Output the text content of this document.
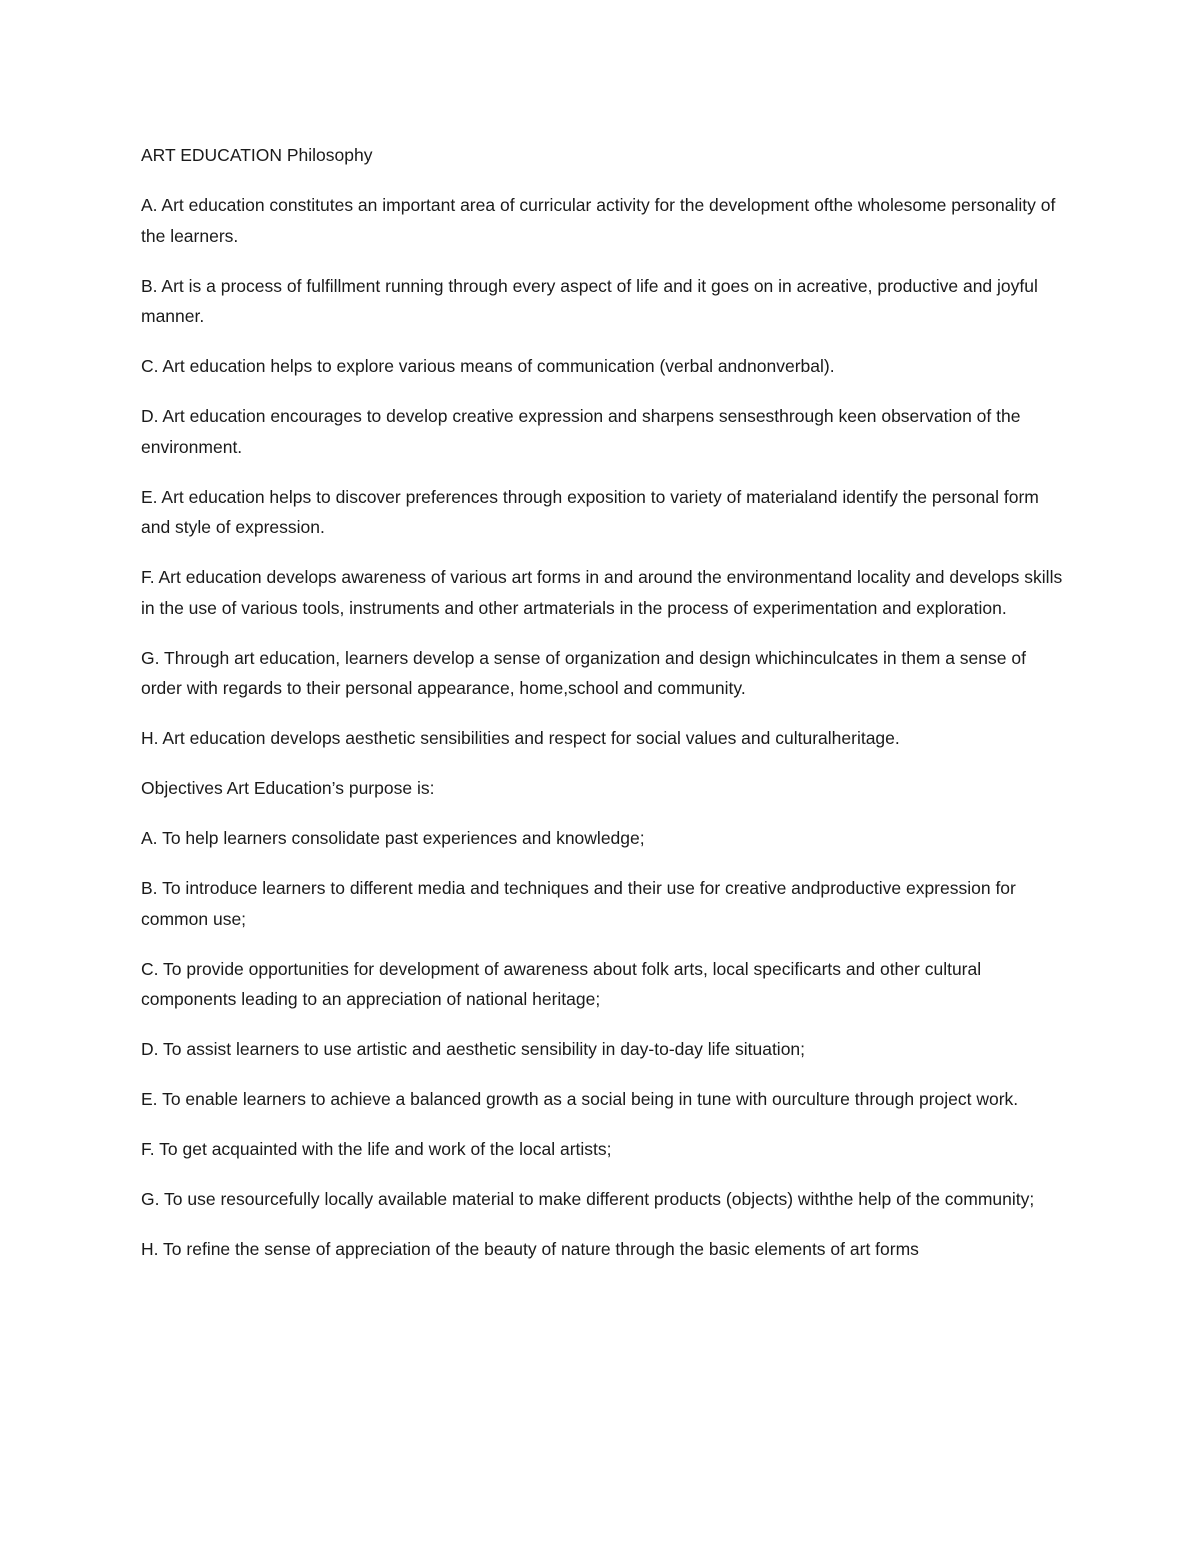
ART EDUCATION Philosophy

A. Art education constitutes an important area of curricular activity for the development ofthe wholesome personality of the learners.

B. Art is a process of fulfillment running through every aspect of life and it goes on in acreative, productive and joyful manner.

C. Art education helps to explore various means of communication (verbal andnonverbal).

D. Art education encourages to develop creative expression and sharpens sensesthrough keen observation of the environment.

E. Art education helps to discover preferences through exposition to variety of materialand identify the personal form and style of expression.

F. Art education develops awareness of various art forms in and around the environmentand locality and develops skills in the use of various tools, instruments and other artmaterials in the process of experimentation and exploration.

G. Through art education, learners develop a sense of organization and design whichinculcates in them a sense of order with regards to their personal appearance, home,school and community.

H. Art education develops aesthetic sensibilities and respect for social values and culturalheritage.

Objectives Art Education’s purpose is:

A. To help learners consolidate past experiences and knowledge;

B. To introduce learners to different media and techniques and their use for creative andproductive expression for common use;

C. To provide opportunities for development of awareness about folk arts, local specificarts and other cultural components leading to an appreciation of national heritage;

D. To assist learners to use artistic and aesthetic sensibility in day-to-day life situation;

E. To enable learners to achieve a balanced growth as a social being in tune with ourculture through project work.

F. To get acquainted with the life and work of the local artists;

G. To use resourcefully locally available material to make different products (objects) withthe help of the community;

H. To refine the sense of appreciation of the beauty of nature through the basic elements of art forms
